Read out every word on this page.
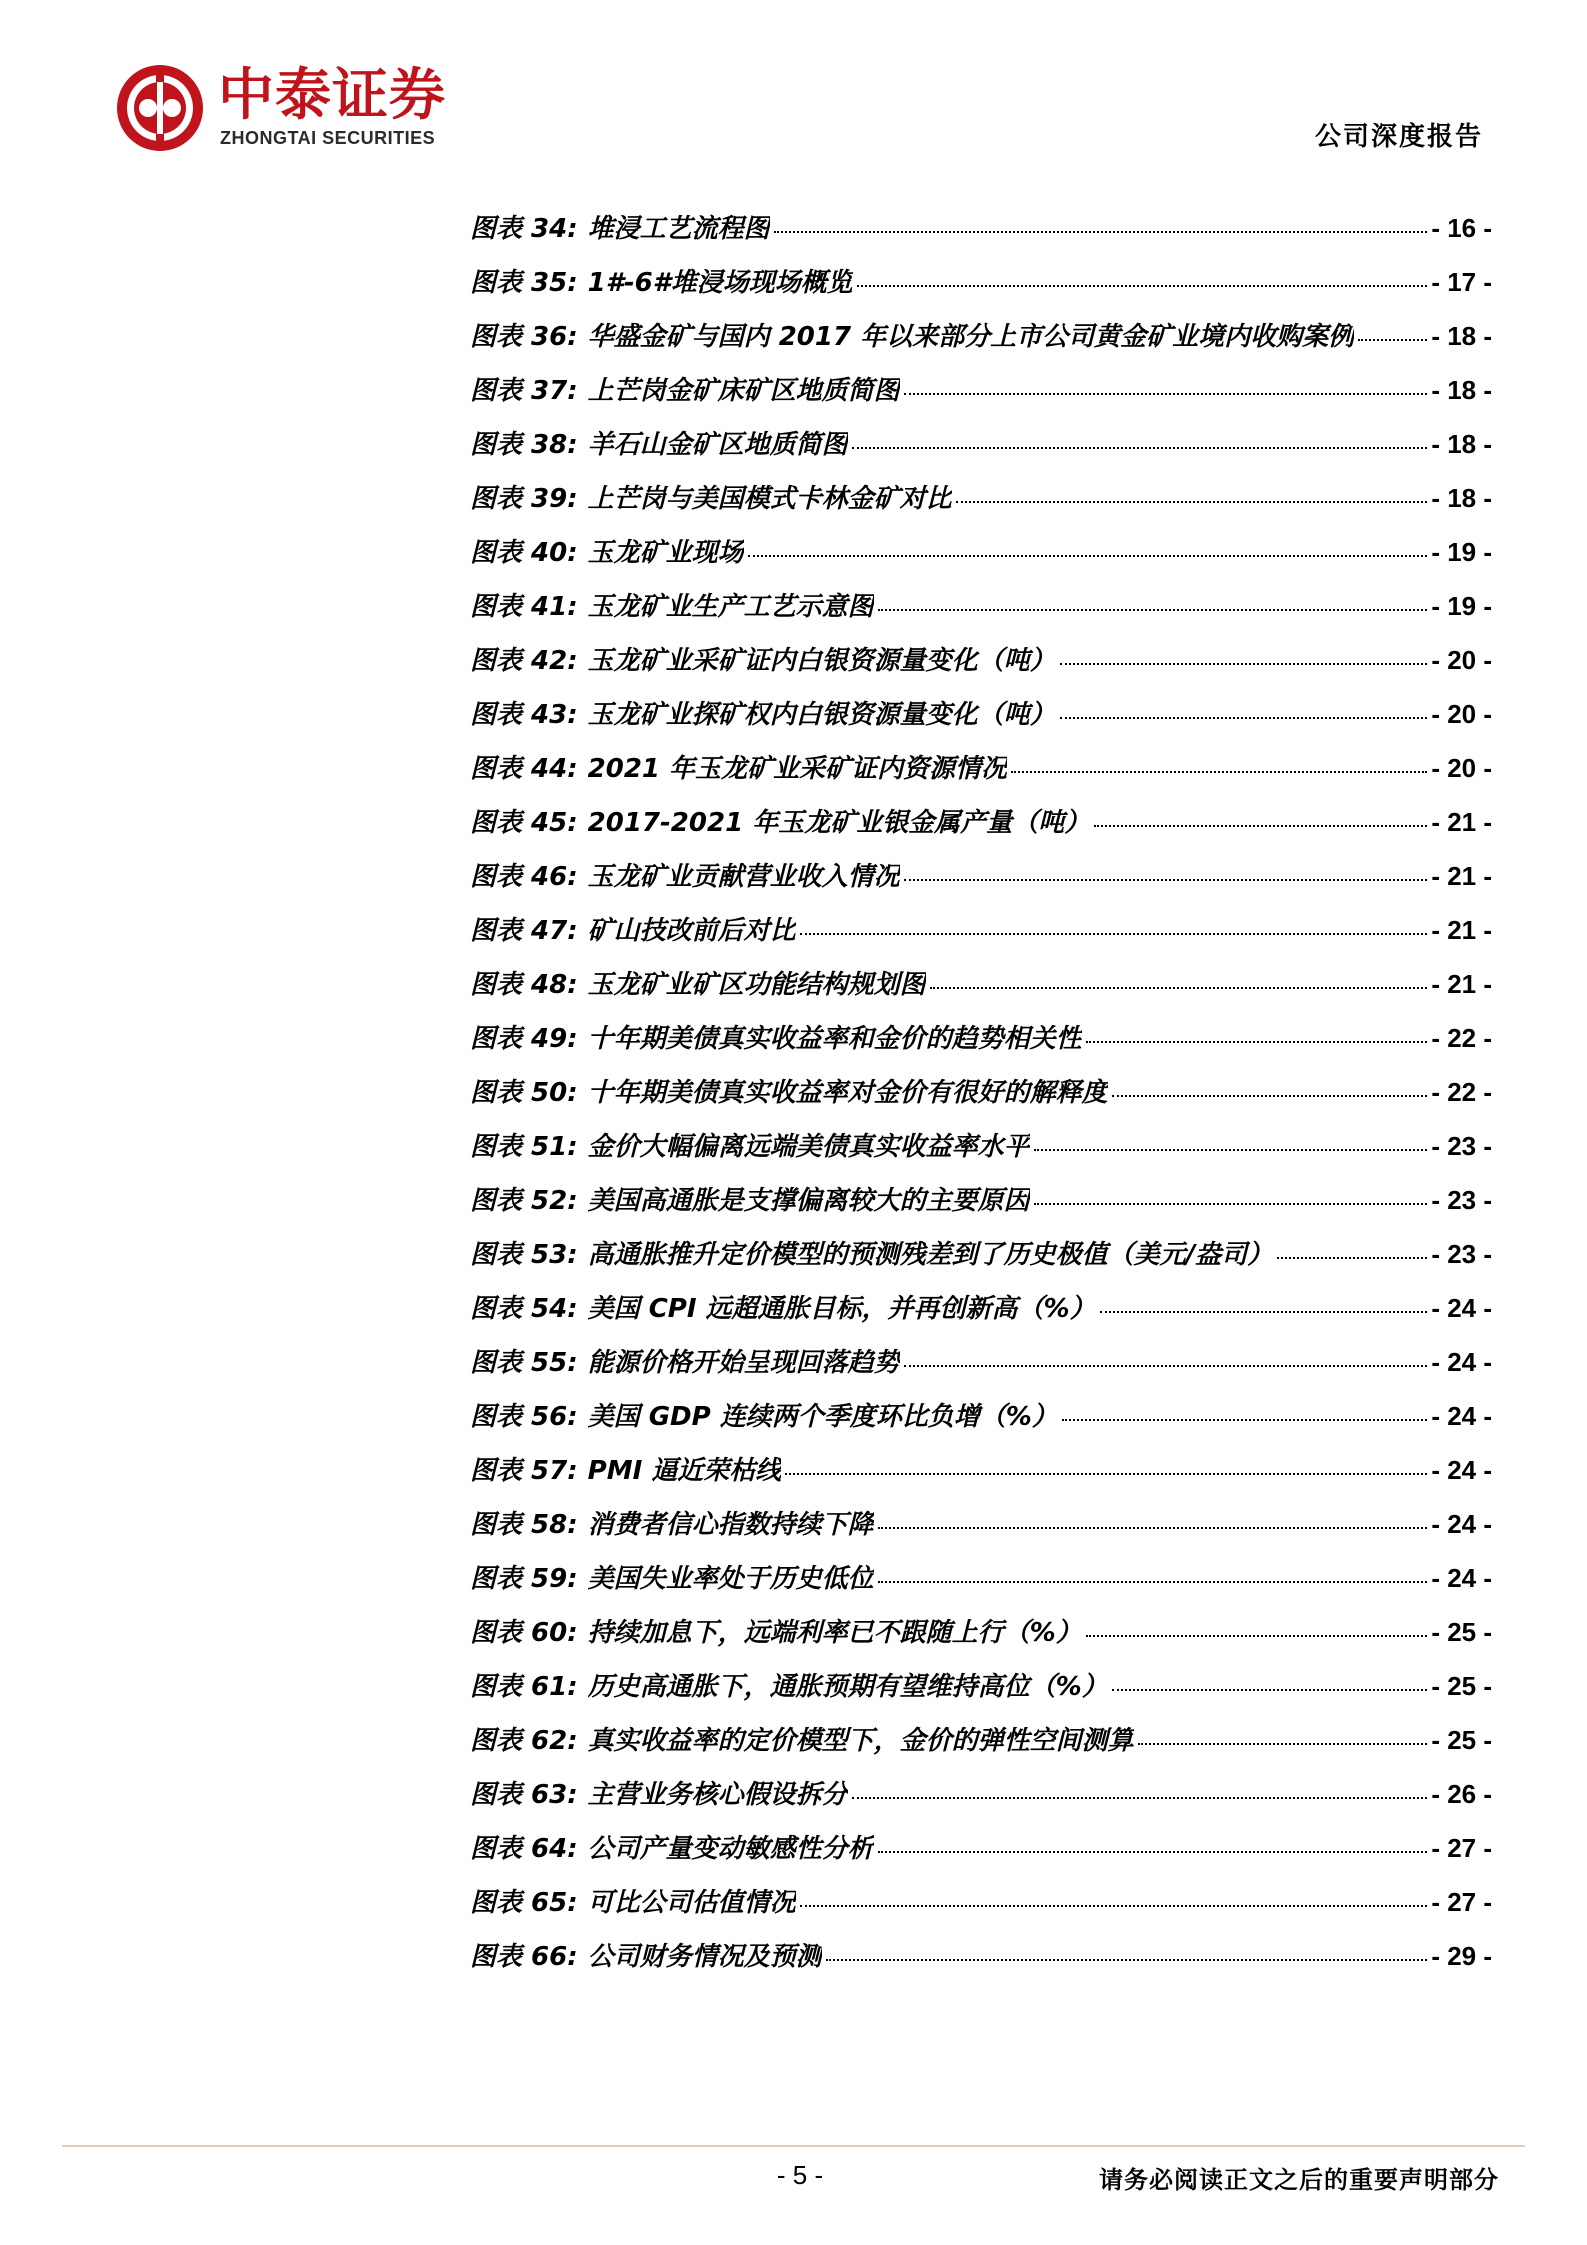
中泰证券
ZHONGTAI SECURITIES	公司深度报告
图表 34: 堆浸工艺流程图	- 16 -
图表 35: 1#-6#堆浸场现场概览	- 17 -
图表 36: 华盛金矿与国内 2017 年以来部分上市公司黄金矿业境内收购案例	- 18 -
图表 37: 上芒岗金矿床矿区地质简图	- 18 -
图表 38: 羊石山金矿区地质简图	- 18 -
图表 39: 上芒岗与美国模式卡林金矿对比	- 18 -
图表 40: 玉龙矿业现场	- 19 -
图表 41: 玉龙矿业生产工艺示意图	- 19 -
图表 42: 玉龙矿业采矿证内白银资源量变化（吨）	- 20 -
图表 43: 玉龙矿业探矿权内白银资源量变化（吨）	- 20 -
图表 44: 2021 年玉龙矿业采矿证内资源情况	- 20 -
图表 45: 2017-2021 年玉龙矿业银金属产量（吨）	- 21 -
图表 46: 玉龙矿业贡献营业收入情况	- 21 -
图表 47: 矿山技改前后对比	- 21 -
图表 48: 玉龙矿业矿区功能结构规划图	- 21 -
图表 49: 十年期美债真实收益率和金价的趋势相关性	- 22 -
图表 50: 十年期美债真实收益率对金价有很好的解释度	- 22 -
图表 51: 金价大幅偏离远端美债真实收益率水平	- 23 -
图表 52: 美国高通胀是支撑偏离较大的主要原因	- 23 -
图表 53: 高通胀推升定价模型的预测残差到了历史极值（美元/盎司）	- 23 -
图表 54: 美国 CPI 远超通胀目标，并再创新高（%）	- 24 -
图表 55: 能源价格开始呈现回落趋势	- 24 -
图表 56: 美国 GDP 连续两个季度环比负增（%）	- 24 -
图表 57: PMI 逼近荣枯线	- 24 -
图表 58: 消费者信心指数持续下降	- 24 -
图表 59: 美国失业率处于历史低位	- 24 -
图表 60: 持续加息下，远端利率已不跟随上行（%）	- 25 -
图表 61: 历史高通胀下，通胀预期有望维持高位（%）	- 25 -
图表 62: 真实收益率的定价模型下，金价的弹性空间测算	- 25 -
图表 63: 主营业务核心假设拆分	- 26 -
图表 64: 公司产量变动敏感性分析	- 27 -
图表 65: 可比公司估值情况	- 27 -
图表 66: 公司财务情况及预测	- 29 -
- 5 -	请务必阅读正文之后的重要声明部分
